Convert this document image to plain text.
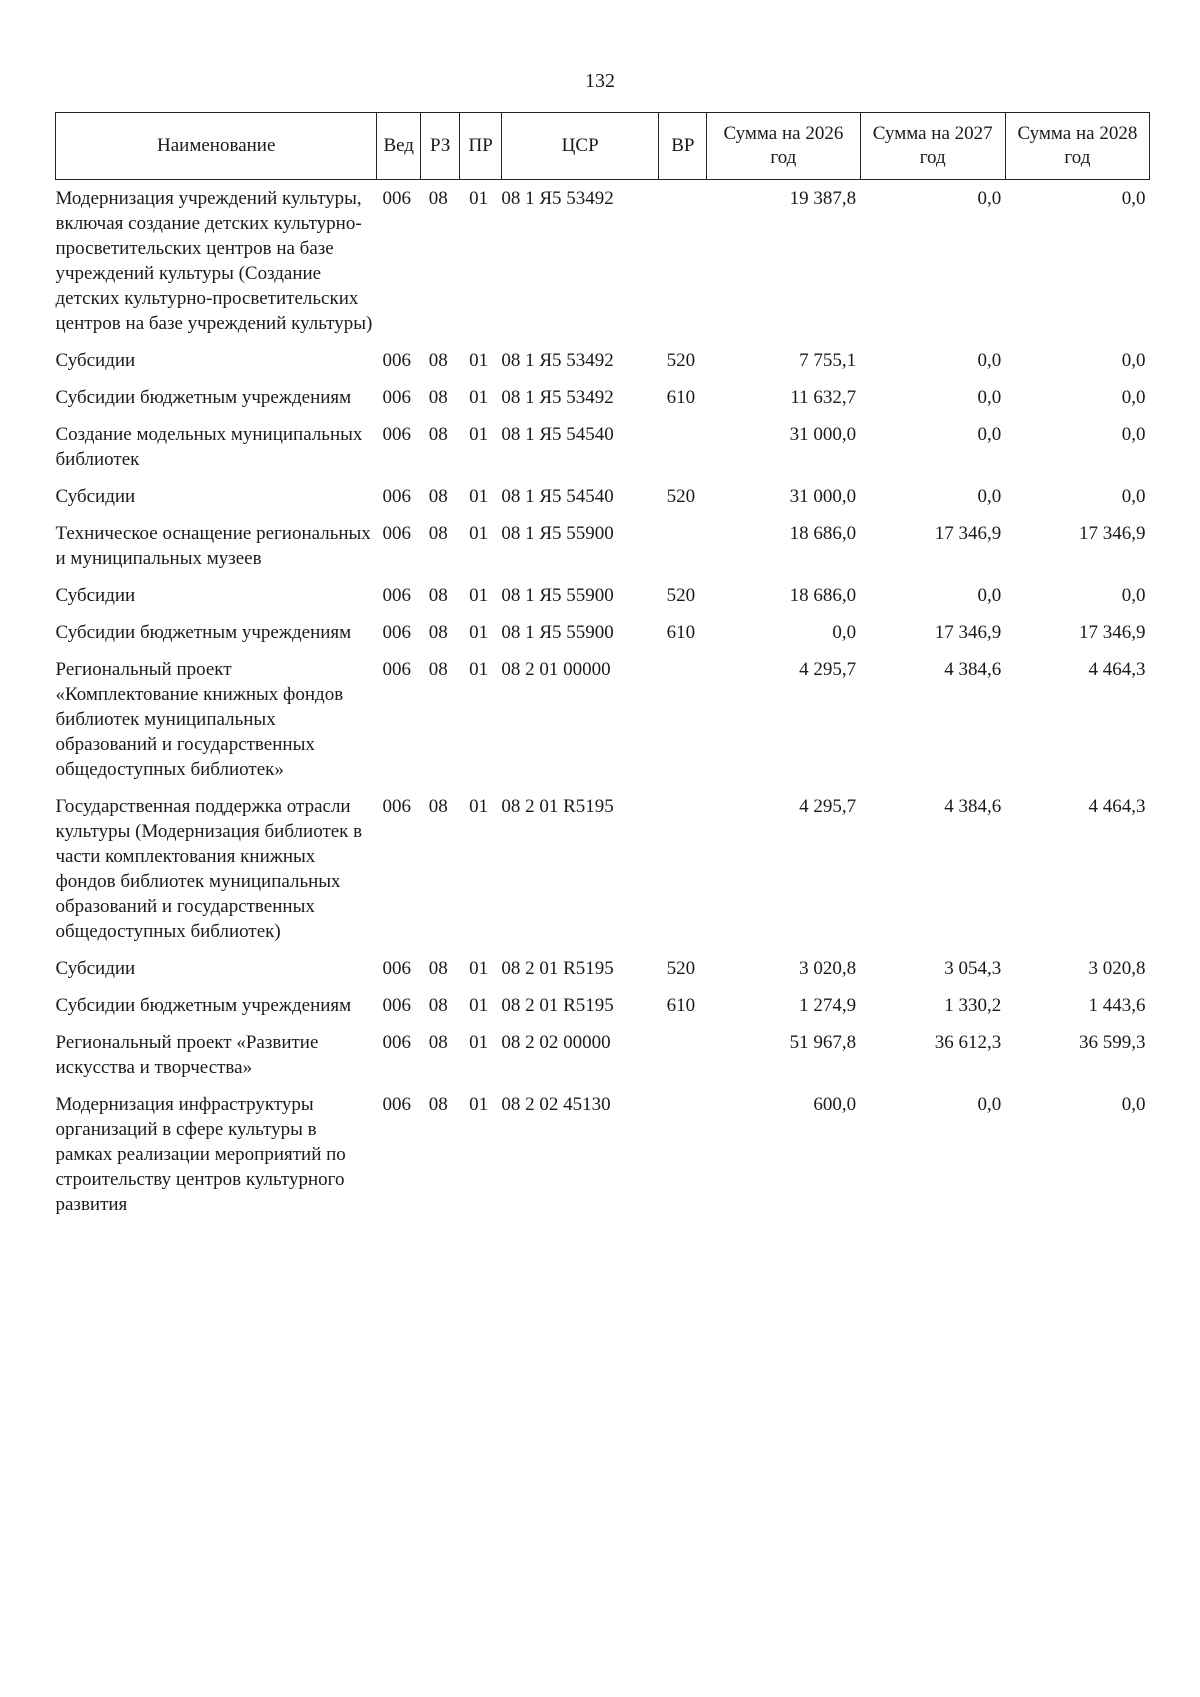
132
Наименование	Вед	РЗ	ПР	ЦСР	ВР	Сумма на 2026 год	Сумма на 2027 год	Сумма на 2028 год
Модернизация учреждений культуры, включая создание детских культурно-просветительских центров на базе учреждений культуры (Создание детских культурно-просветительских центров на базе учреждений культуры)	006	08	01	08 1 Я5 53492		19 387,8	0,0	0,0
Субсидии	006	08	01	08 1 Я5 53492	520	7 755,1	0,0	0,0
Субсидии бюджетным учреждениям	006	08	01	08 1 Я5 53492	610	11 632,7	0,0	0,0
Создание модельных муниципальных библиотек	006	08	01	08 1 Я5 54540		31 000,0	0,0	0,0
Субсидии	006	08	01	08 1 Я5 54540	520	31 000,0	0,0	0,0
Техническое оснащение региональных и муниципальных музеев	006	08	01	08 1 Я5 55900		18 686,0	17 346,9	17 346,9
Субсидии	006	08	01	08 1 Я5 55900	520	18 686,0	0,0	0,0
Субсидии бюджетным учреждениям	006	08	01	08 1 Я5 55900	610	0,0	17 346,9	17 346,9
Региональный проект «Комплектование книжных фондов библиотек муниципальных образований и государственных общедоступных библиотек»	006	08	01	08 2 01 00000		4 295,7	4 384,6	4 464,3
Государственная поддержка отрасли культуры (Модернизация библиотек в части комплектования книжных фондов библиотек муниципальных образований и государственных общедоступных библиотек)	006	08	01	08 2 01 R5195		4 295,7	4 384,6	4 464,3
Субсидии	006	08	01	08 2 01 R5195	520	3 020,8	3 054,3	3 020,8
Субсидии бюджетным учреждениям	006	08	01	08 2 01 R5195	610	1 274,9	1 330,2	1 443,6
Региональный проект «Развитие искусства и творчества»	006	08	01	08 2 02 00000		51 967,8	36 612,3	36 599,3
Модернизация инфраструктуры организаций в сфере культуры в рамках реализации мероприятий по строительству центров культурного развития	006	08	01	08 2 02 45130		600,0	0,0	0,0
